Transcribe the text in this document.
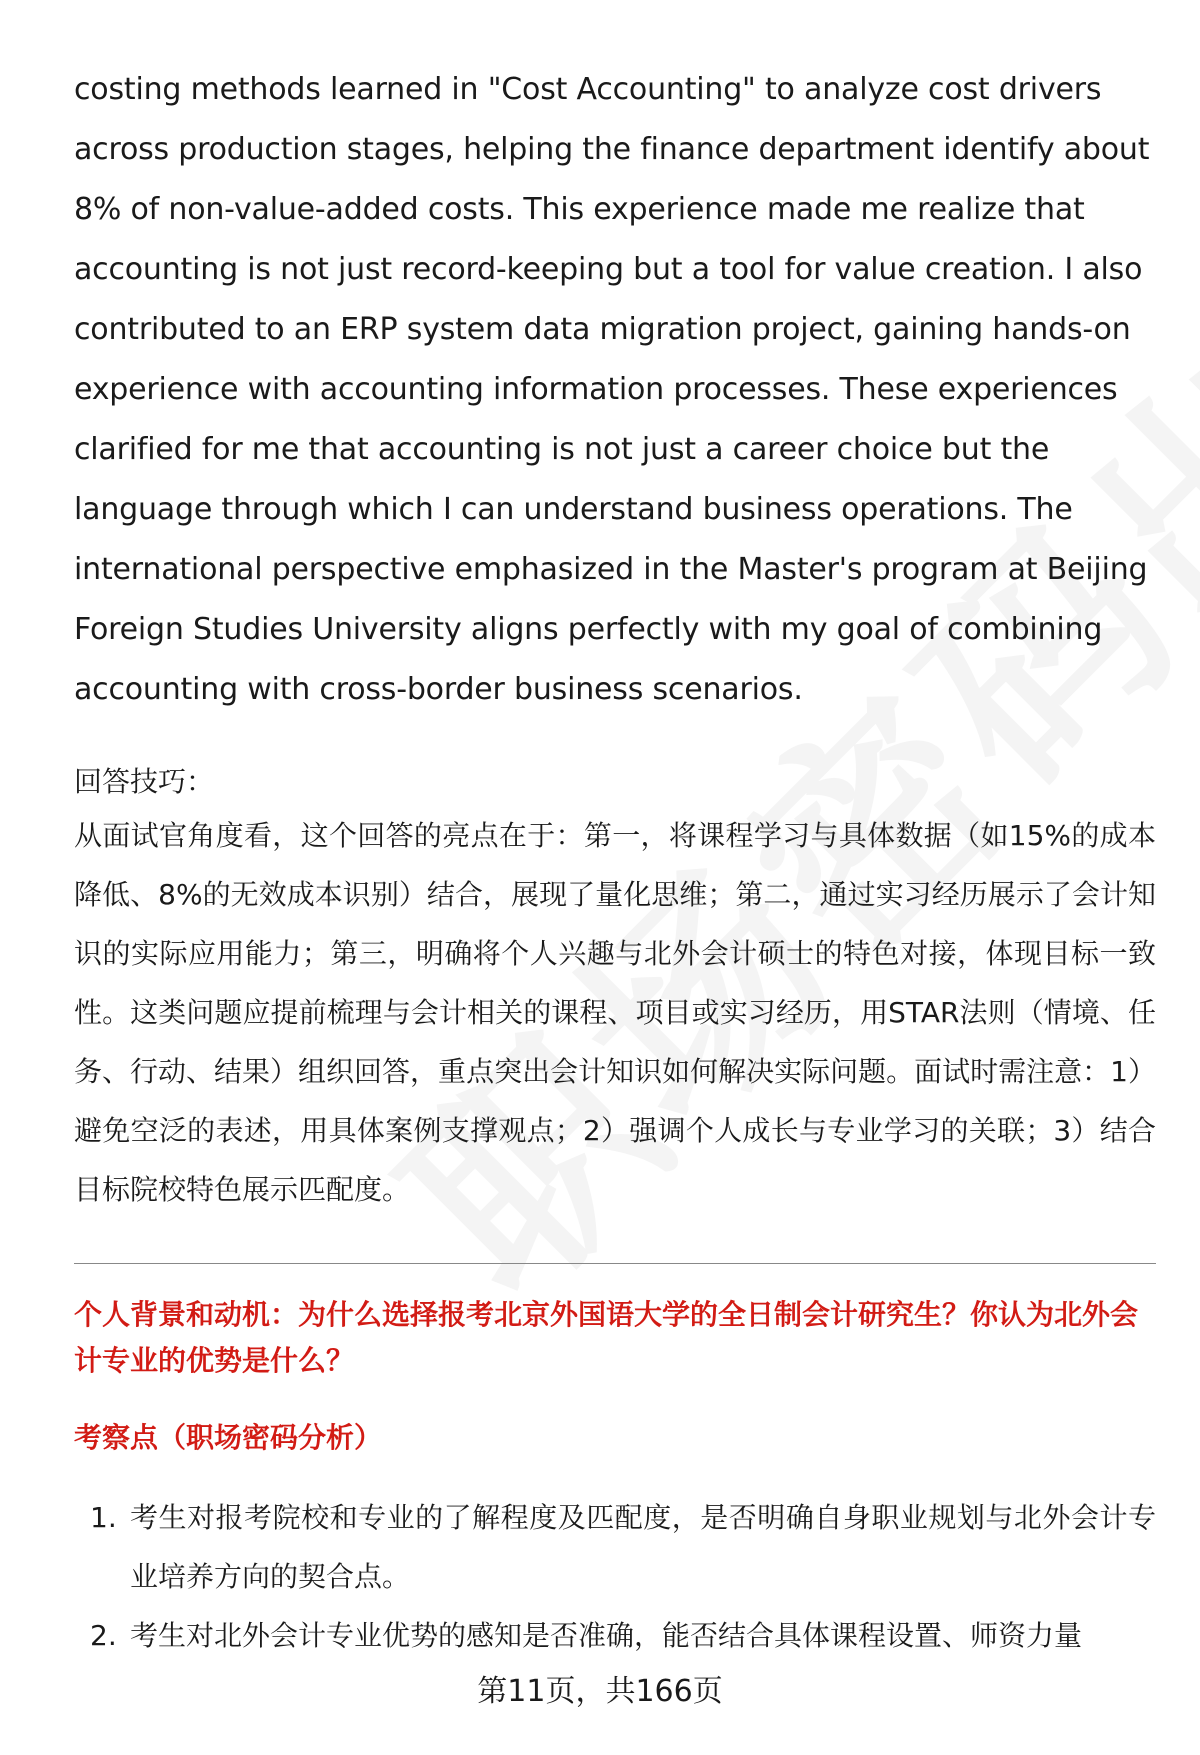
costing methods learned in "Cost Accounting" to analyze cost drivers across production stages, helping the finance department identify about 8% of non-value-added costs. This experience made me realize that accounting is not just record-keeping but a tool for value creation. I also contributed to an ERP system data migration project, gaining hands-on experience with accounting information processes. These experiences clarified for me that accounting is not just a career choice but the language through which I can understand business operations. The international perspective emphasized in the Master's program at Beijing Foreign Studies University aligns perfectly with my goal of combining accounting with cross-border business scenarios.

回答技巧：

从面试官角度看，这个回答的亮点在于：第一，将课程学习与具体数据（如15%的成本降低、8%的无效成本识别）结合，展现了量化思维；第二，通过实习经历展示了会计知识的实际应用能力；第三，明确将个人兴趣与北外会计硕士的特色对接，体现目标一致性。这类问题应提前梳理与会计相关的课程、项目或实习经历，用STAR法则（情境、任务、行动、结果）组织回答，重点突出会计知识如何解决实际问题。面试时需注意：1）避免空泛的表述，用具体案例支撑观点；2）强调个人成长与专业学习的关联；3）结合目标院校特色展示匹配度。

个人背景和动机：为什么选择报考北京外国语大学的全日制会计研究生？你认为北外会计专业的优势是什么？
考察点（职场密码分析）
1. 考生对报考院校和专业的了解程度及匹配度，是否明确自身职业规划与北外会计专业培养方向的契合点。
2. 考生对北外会计专业优势的感知是否准确，能否结合具体课程设置、师资力量
第11页，共166页
